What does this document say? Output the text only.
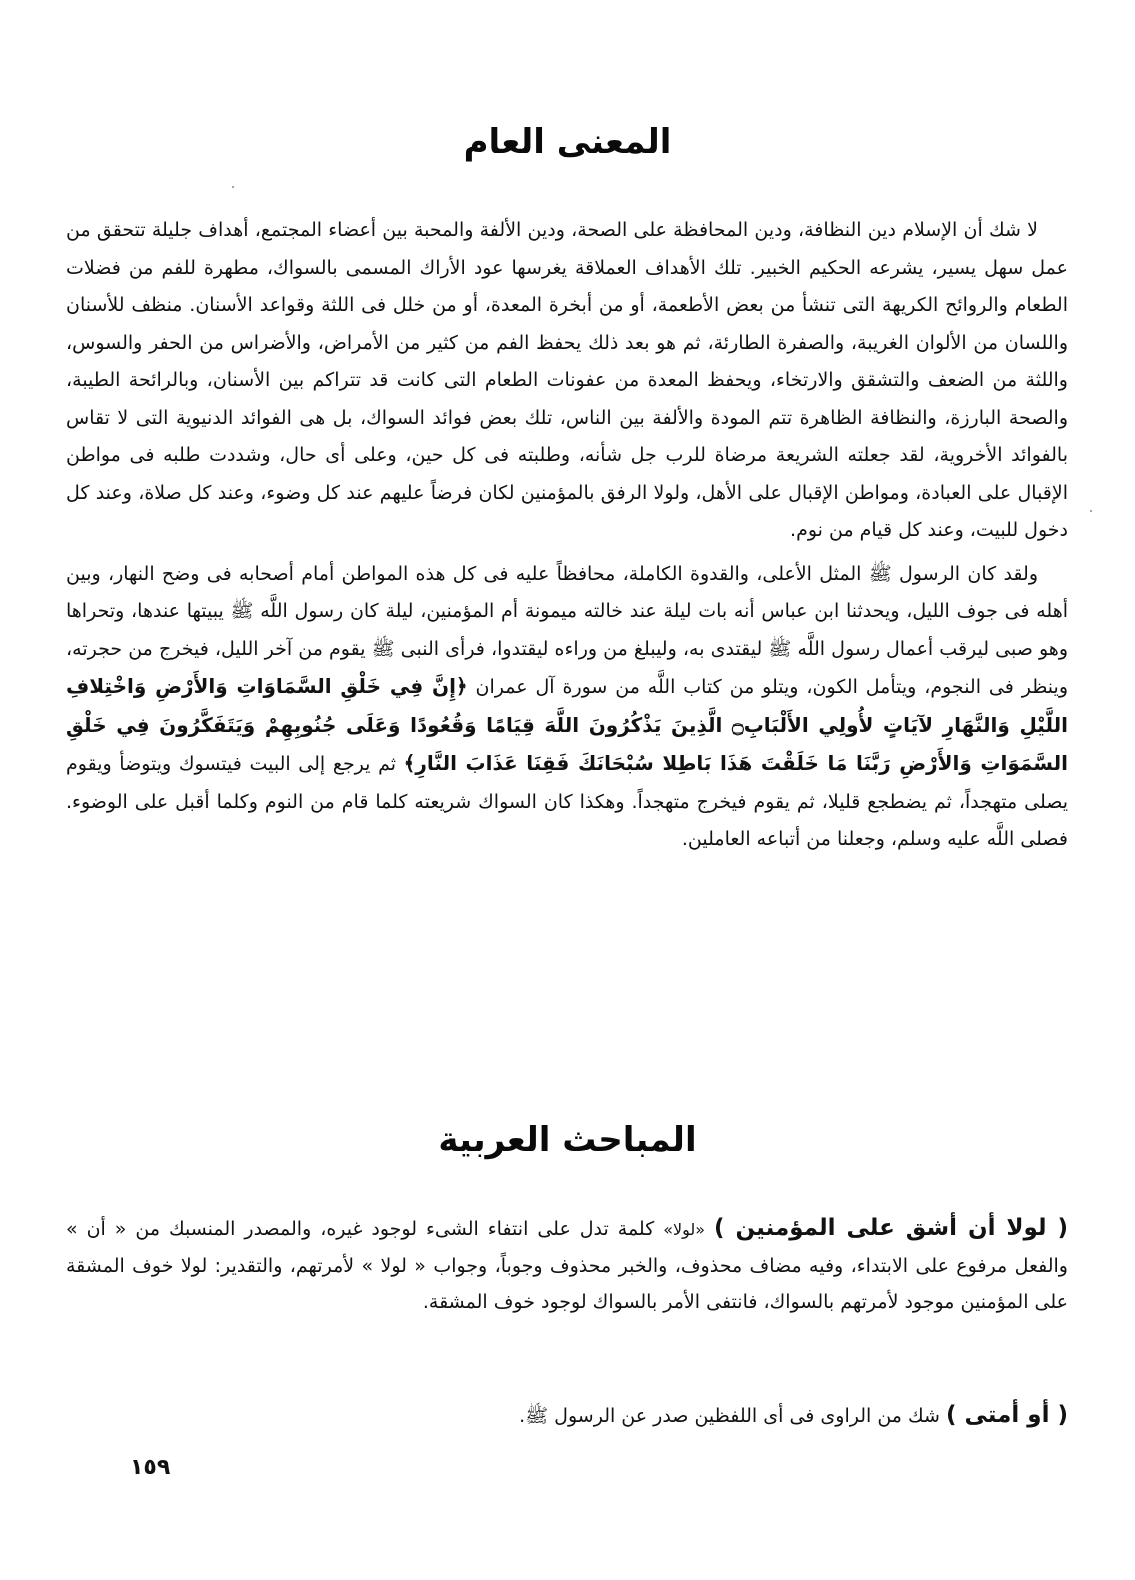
المعنى العام

لا شك أن الإسلام دين النظافة، ودين المحافظة على الصحة، ودين الألفة والمحبة بين أعضاء المجتمع، أهداف جليلة تتحقق من عمل سهل يسير، يشرعه الحكيم الخبير. تلك الأهداف العملاقة يغرسها عود الأراك المسمى بالسواك، مطهرة للفم من فضلات الطعام والروائح الكريهة التى تنشأ من بعض الأطعمة، أو من أبخرة المعدة، أو من خلل فى اللثة وقواعد الأسنان. منظف للأسنان واللسان من الألوان الغريبة، والصفرة الطارئة، ثم هو بعد ذلك يحفظ الفم من كثير من الأمراض، والأضراس من الحفر والسوس، واللثة من الضعف والتشقق والارتخاء، ويحفظ المعدة من عفونات الطعام التى كانت قد تتراكم بين الأسنان، وبالرائحة الطيبة، والصحة البارزة، والنظافة الظاهرة تتم المودة والألفة بين الناس، تلك بعض فوائد السواك، بل هى الفوائد الدنيوية التى لا تقاس بالفوائد الأخروية، لقد جعلته الشريعة مرضاة للرب جل شأنه، وطلبته فى كل حين، وعلى أى حال، وشددت طلبه فى مواطن الإقبال على العبادة، ومواطن الإقبال على الأهل، ولولا الرفق بالمؤمنين لكان فرضاً عليهم عند كل وضوء، وعند كل صلاة، وعند كل دخول للبيت، وعند كل قيام من نوم.

ولقد كان الرسول ﷺ المثل الأعلى، والقدوة الكاملة، محافظاً عليه فى كل هذه المواطن أمام أصحابه فى وضح النهار، وبين أهله فى جوف الليل، ويحدثنا ابن عباس أنه بات ليلة عند خالته ميمونة أم المؤمنين، ليلة كان رسول اللَّه ﷺ يبيتها عندها، وتحراها وهو صبى ليرقب أعمال رسول اللَّه ﷺ ليقتدى به، وليبلغ من وراءه ليقتدوا، فرأى النبى ﷺ يقوم من آخر الليل، فيخرج من حجرته، وينظر فى النجوم، ويتأمل الكون، ويتلو من كتاب اللَّه من سورة آل عمران ﴿إِنَّ فِي خَلْقِ السَّمَاوَاتِ وَالأَرْضِ وَاخْتِلافِ اللَّيْلِ وَالنَّهَارِ لآيَاتٍ لأُولِي الأَلْبَابِ۝ الَّذِينَ يَذْكُرُونَ اللَّهَ قِيَامًا وَقُعُودًا وَعَلَى جُنُوبِهِمْ وَيَتَفَكَّرُونَ فِي خَلْقِ السَّمَوَاتِ وَالأَرْضِ رَبَّنَا مَا خَلَقْتَ هَذَا بَاطِلا سُبْحَانَكَ فَقِنَا عَذَابَ النَّارِ﴾ ثم يرجع إلى البيت فيتسوك ويتوضأ ويقوم يصلى متهجداً، ثم يضطجع قليلا، ثم يقوم فيخرج متهجداً. وهكذا كان السواك شريعته كلما قام من النوم وكلما أقبل على الوضوء. فصلى اللَّه عليه وسلم، وجعلنا من أتباعه العاملين.

المباحث العربية

( لولا أن أشق على المؤمنين ) «لولا» كلمة تدل على انتفاء الشىء لوجود غيره، والمصدر المنسبك من « أن » والفعل مرفوع على الابتداء، وفيه مضاف محذوف، والخبر محذوف وجوباً، وجواب « لولا » لأمرتهم، والتقدير: لولا خوف المشقة على المؤمنين موجود لأمرتهم بالسواك، فانتفى الأمر بالسواك لوجود خوف المشقة.

( أو أمتى ) شك من الراوى فى أى اللفظين صدر عن الرسول ﷺ.

١٥٩
